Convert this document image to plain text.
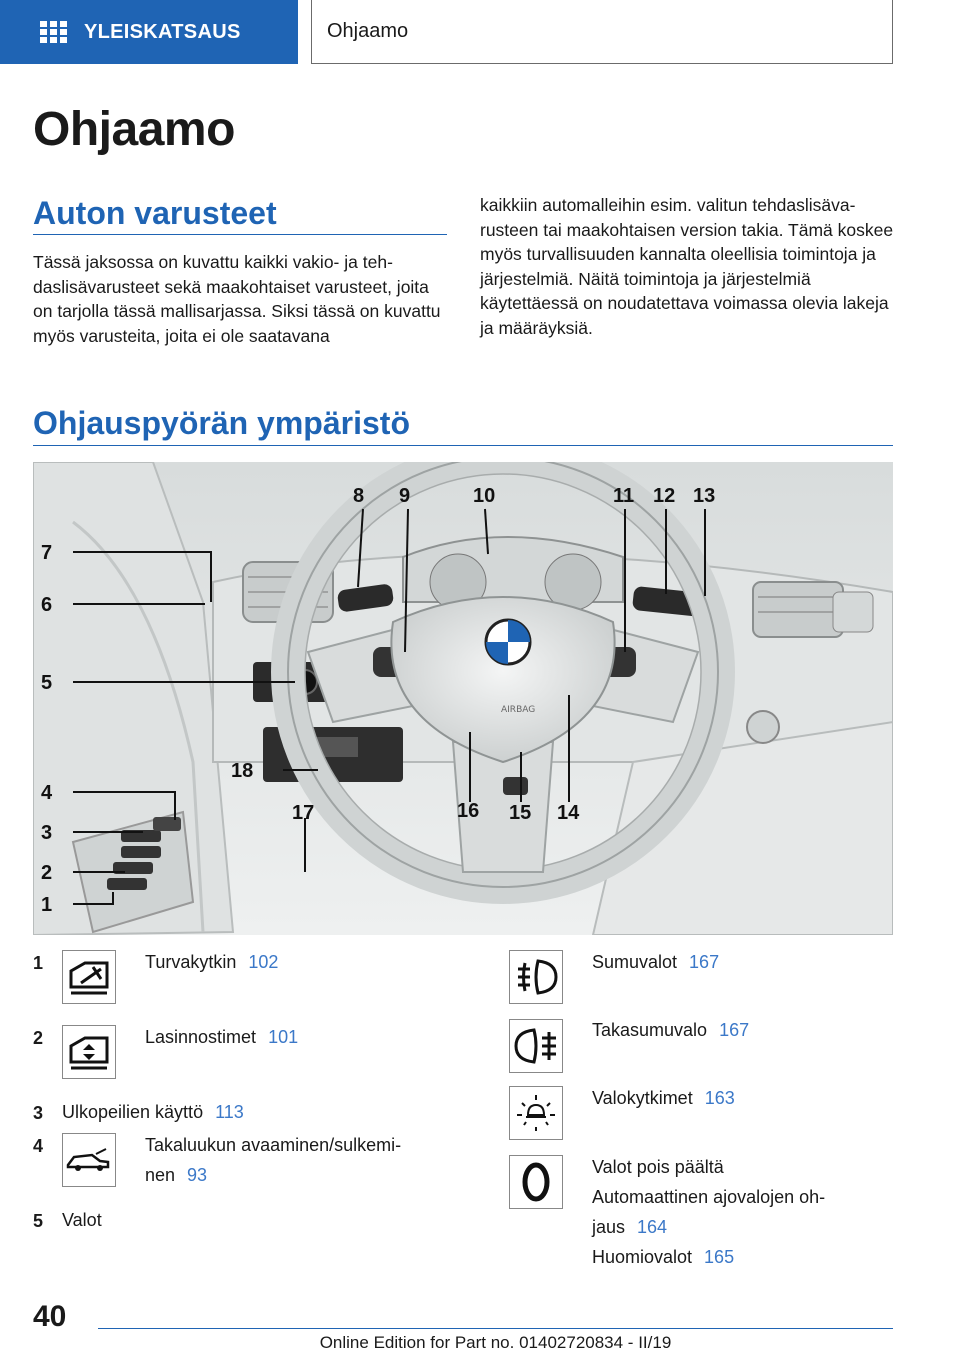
YLEISKATSAUS	Ohjaamo
Ohjaamo
Auton varusteet

Tässä jaksossa on kuvattu kaikki vakio- ja tehdaslisävarusteet sekä maakohtaiset varusteet, joita on tarjolla tässä mallisarjassa. Siksi tässä on kuvattu myös varusteita, joita ei ole saatavana

kaikkiin automalleihin esim. valitun tehdaslisävarusteen tai maakohtaisen version takia. Tämä koskee myös turvallisuuden kannalta oleellisia toimintoja ja järjestelmiä. Näitä toimintoja ja järjestelmiä käytettäessä on noudatettava voimassa olevia lakeja ja määräyksiä.

Ohjauspyörän ympäristö
AIRBAG
7
6
5
4
3
2
1
8 9	10	11 12 13
14
15
16
17
18
1	Turvakytkin 102
2	Lasinnostimet 101
3 Ulkopeilien käyttö 113
4	Takaluukun avaaminen/sulkemi-
nen 93
5 Valot
Sumuvalot 167
Takasumuvalo 167
Valokytkimet 163
Valot pois päältä
Automaattinen ajovalojen oh-
jaus 164
Huomiovalot 165
40
Online Edition for Part no. 01402720834 - II/19
